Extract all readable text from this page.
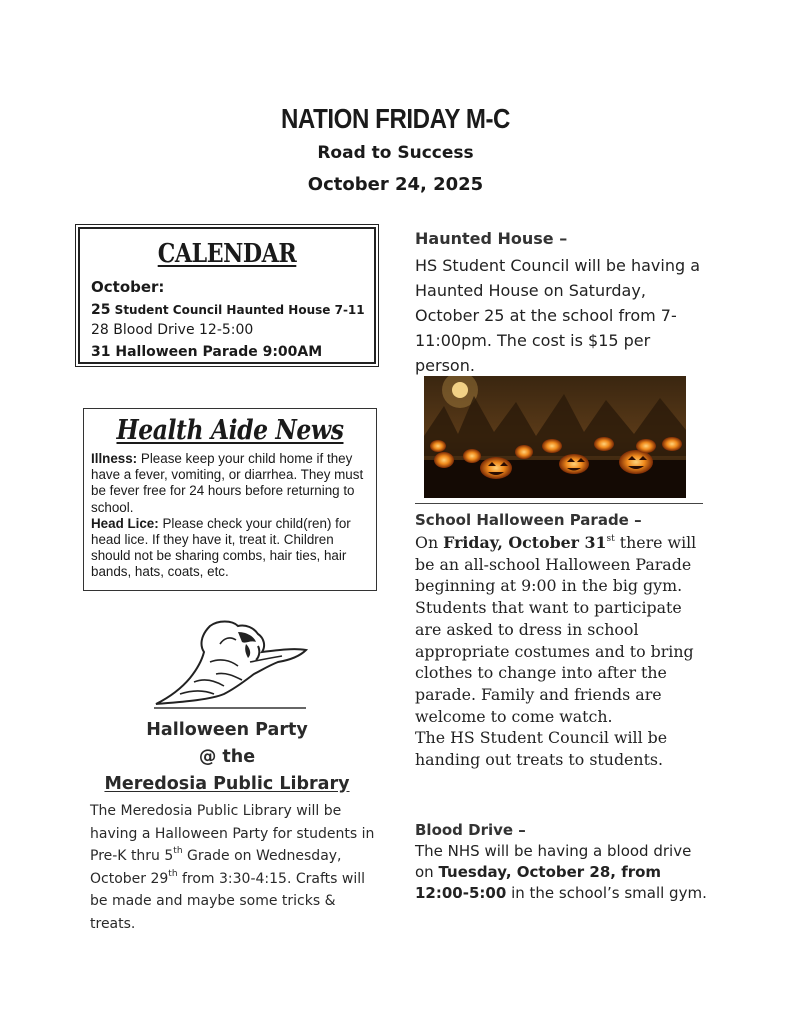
NATION FRIDAY M-C
Road to Success
October 24, 2025
CALENDAR
October:
25 Student Council Haunted House 7-11
28 Blood Drive 12-5:00
31 Halloween Parade 9:00AM
Health Aide News
Illness: Please keep your child home if they have a fever, vomiting, or diarrhea. They must be fever free for 24 hours before returning to school.
Head Lice: Please check your child(ren) for head lice. If they have it, treat it. Children should not be sharing combs, hair ties, hair bands, hats, coats, etc.
Halloween Party
@ the
Meredosia Public Library
The Meredosia Public Library will be having a Halloween Party for students in Pre-K thru 5th Grade on Wednesday, October 29th from 3:30-4:15. Crafts will be made and maybe some tricks & treats.
Haunted House –
HS Student Council will be having a Haunted House on Saturday, October 25 at the school from 7-11:00pm. The cost is $15 per person.
School Halloween Parade –
On Friday, October 31st there will be an all-school Halloween Parade beginning at 9:00 in the big gym. Students that want to participate are asked to dress in school appropriate costumes and to bring clothes to change into after the parade. Family and friends are welcome to come watch.
The HS Student Council will be handing out treats to students.
Blood Drive –
The NHS will be having a blood drive on Tuesday, October 28, from 12:00-5:00 in the school’s small gym.
